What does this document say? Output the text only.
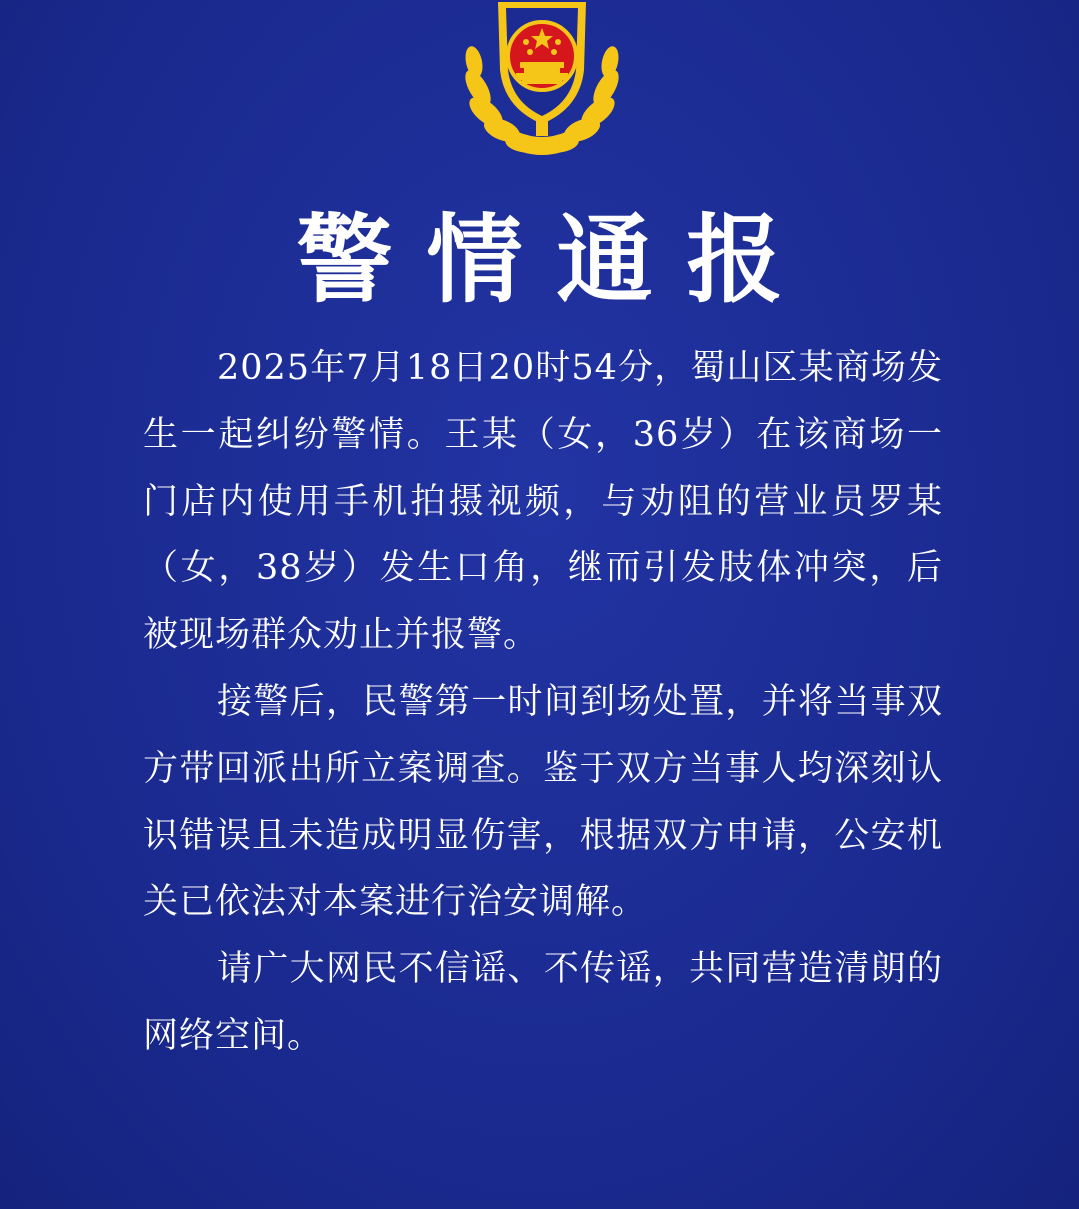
警情通报

2025年7月18日20时54分，蜀山区某商场发生一起纠纷警情。王某（女，36岁）在该商场一门店内使用手机拍摄视频，与劝阻的营业员罗某（女，38岁）发生口角，继而引发肢体冲突，后被现场群众劝止并报警。

接警后，民警第一时间到场处置，并将当事双方带回派出所立案调查。鉴于双方当事人均深刻认识错误且未造成明显伤害，根据双方申请，公安机关已依法对本案进行治安调解。

请广大网民不信谣、不传谣，共同营造清朗的网络空间。
